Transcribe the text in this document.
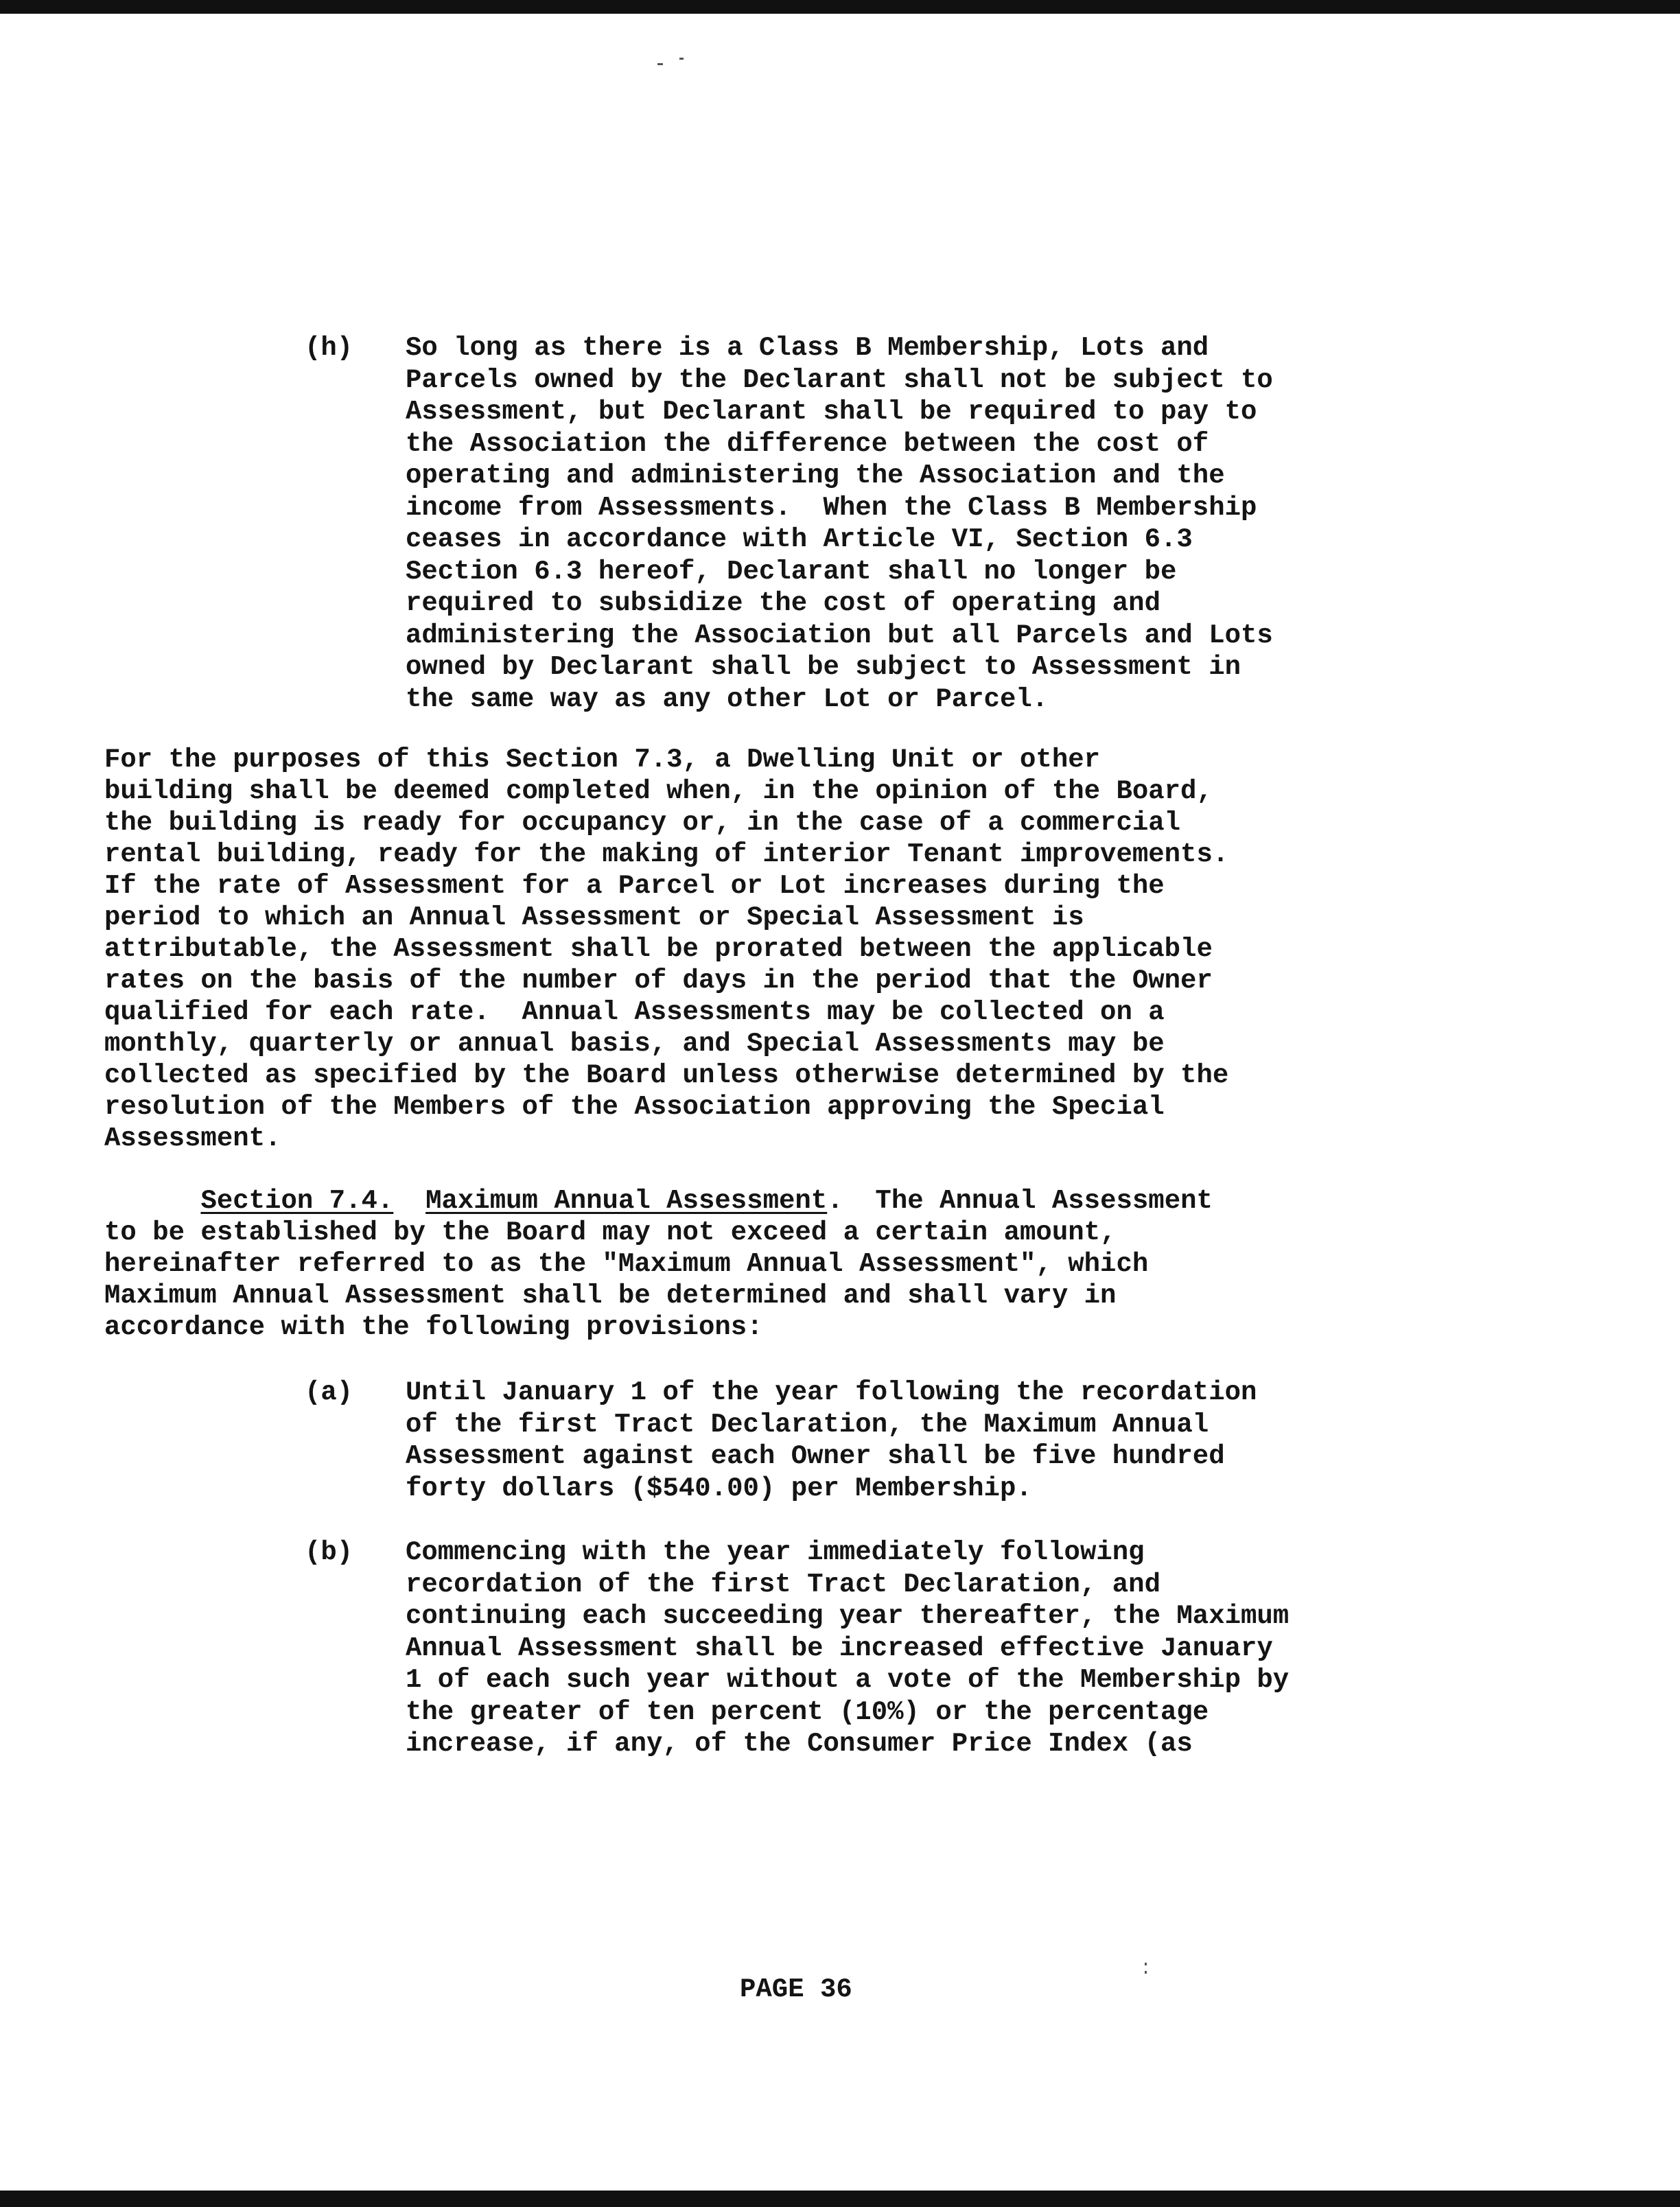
(h) So long as there is a Class B Membership, Lots and
Parcels owned by the Declarant shall not be subject to
Assessment, but Declarant shall be required to pay to
the Association the difference between the cost of
operating and administering the Association and the
income from Assessments.  When the Class B Membership
ceases in accordance with Article VI, Section 6.3
Section 6.3 hereof, Declarant shall no longer be
required to subsidize the cost of operating and
administering the Association but all Parcels and Lots
owned by Declarant shall be subject to Assessment in
the same way as any other Lot or Parcel.
For the purposes of this Section 7.3, a Dwelling Unit or other
building shall be deemed completed when, in the opinion of the Board,
the building is ready for occupancy or, in the case of a commercial
rental building, ready for the making of interior Tenant improvements.
If the rate of Assessment for a Parcel or Lot increases during the
period to which an Annual Assessment or Special Assessment is
attributable, the Assessment shall be prorated between the applicable
rates on the basis of the number of days in the period that the Owner
qualified for each rate.  Annual Assessments may be collected on a
monthly, quarterly or annual basis, and Special Assessments may be
collected as specified by the Board unless otherwise determined by the
resolution of the Members of the Association approving the Special
Assessment.
Section 7.4. Maximum Annual Assessment.  The Annual Assessment
to be established by the Board may not exceed a certain amount,
hereinafter referred to as the "Maximum Annual Assessment", which
Maximum Annual Assessment shall be determined and shall vary in
accordance with the following provisions:
(a) Until January 1 of the year following the recordation
of the first Tract Declaration, the Maximum Annual
Assessment against each Owner shall be five hundred
forty dollars ($540.00) per Membership.
(b) Commencing with the year immediately following
recordation of the first Tract Declaration, and
continuing each succeeding year thereafter, the Maximum
Annual Assessment shall be increased effective January
1 of each such year without a vote of the Membership by
the greater of ten percent (10%) or the percentage
increase, if any, of the Consumer Price Index (as
PAGE 36
